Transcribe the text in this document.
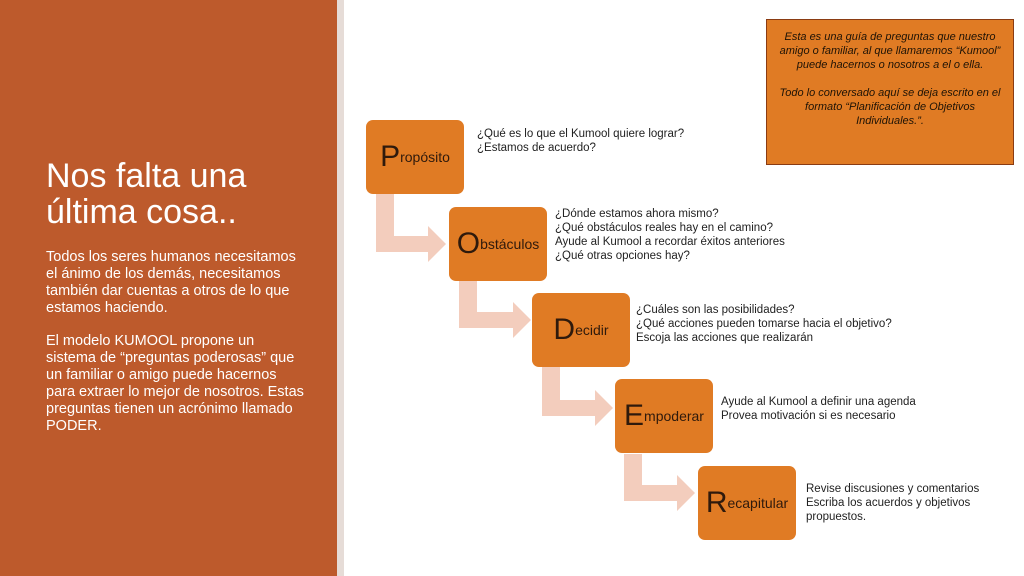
Nos falta una última cosa..
Todos los seres humanos necesitamos el ánimo de los demás, necesitamos también dar cuentas a otros de lo que estamos haciendo.
El modelo KUMOOL propone un sistema de “preguntas poderosas” que un familiar o amigo puede hacernos para extraer lo mejor de nosotros. Estas preguntas tienen un acrónimo llamado PODER.

Esta es una guía de preguntas que nuestro amigo o familiar, al que llamaremos “Kumool” puede hacernos o nosotros a el o ella.

Todo lo conversado aquí se deja escrito en el formato “Planificación de Objetivos Individuales.”.

P ropósito
¿Qué es lo que el Kumool quiere lograr?
¿Estamos de acuerdo?
O bstáculos
¿Dónde estamos ahora mismo?
¿Qué obstáculos reales hay en el camino?
Ayude al Kumool a recordar éxitos anteriores
¿Qué otras opciones hay?
D ecidir
¿Cuáles son las posibilidades?
¿Qué acciones pueden tomarse hacia el objetivo?
Escoja las acciones que realizarán
E mpoderar
Ayude al Kumool a definir una agenda
Provea motivación si es necesario
R ecapitular
Revise discusiones y comentarios
Escriba los acuerdos y objetivos
propuestos.
